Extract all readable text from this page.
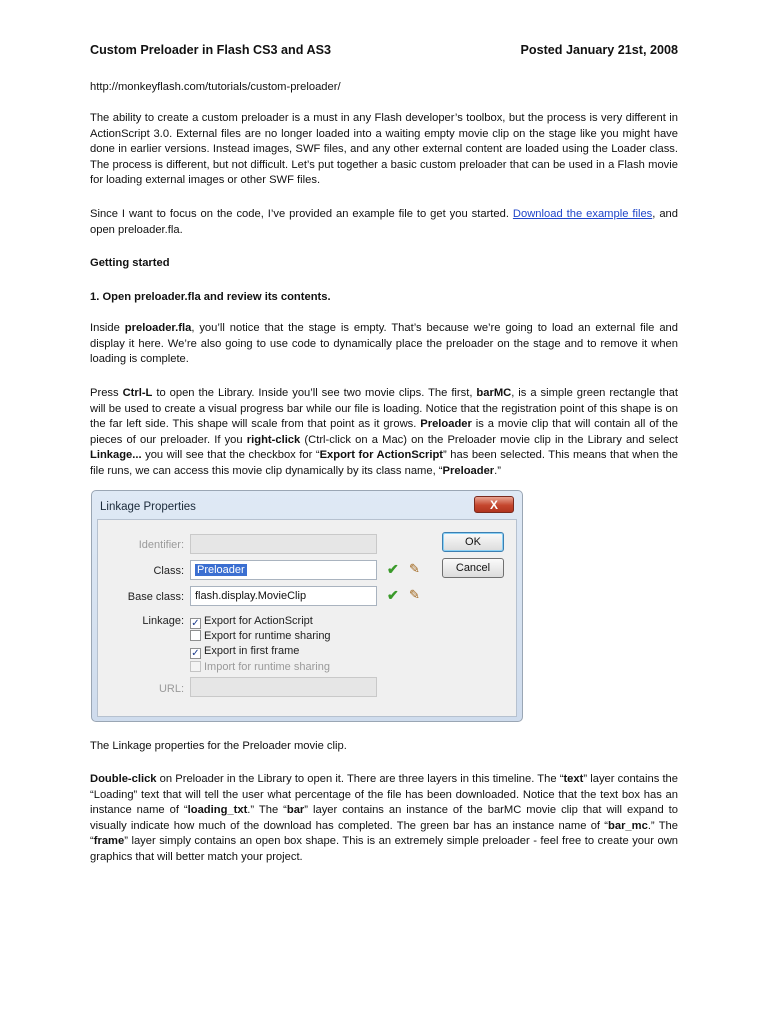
Custom Preloader in Flash CS3 and AS3	Posted January 21st, 2008

http://monkeyflash.com/tutorials/custom-preloader/

The ability to create a custom preloader is a must in any Flash developer’s toolbox, but the process is very different in ActionScript 3.0. External files are no longer loaded into a waiting empty movie clip on the stage like you might have done in earlier versions. Instead images, SWF files, and any other external content are loaded using the Loader class. The process is different, but not difficult. Let’s put together a basic custom preloader that can be used in a Flash movie for loading external images or other SWF files.

Since I want to focus on the code, I’ve provided an example file to get you started. Download the example files, and open preloader.fla.

Getting started

1. Open preloader.fla and review its contents.

Inside preloader.fla, you’ll notice that the stage is empty. That’s because we’re going to load an external file and display it here. We’re also going to use code to dynamically place the preloader on the stage and to remove it when loading is complete.

Press Ctrl-L to open the Library. Inside you’ll see two movie clips. The first, barMC, is a simple green rectangle that will be used to create a visual progress bar while our file is loading. Notice that the registration point of this shape is on the far left side. This shape will scale from that point as it grows. Preloader is a movie clip that will contain all of the pieces of our preloader. If you right-click (Ctrl-click on a Mac) on the Preloader movie clip in the Library and select Linkage... you will see that the checkbox for “Export for ActionScript” has been selected. This means that when the file runs, we can access this movie clip dynamically by its class name, “Preloader.”

The Linkage properties for the Preloader movie clip.

Double-click on Preloader in the Library to open it. There are three layers in this timeline. The “text” layer contains the “Loading” text that will tell the user what percentage of the file has been downloaded. Notice that the text box has an instance name of “loading_txt.” The “bar” layer contains an instance of the barMC movie clip that will expand to visually indicate how much of the download has completed. The green bar has an instance name of “bar_mc.” The “frame” layer simply contains an open box shape. This is an extremely simple preloader - feel free to create your own graphics that will better match your project.

Linkage Properties	X
Identifier:
Class:	Preloader	✔ ✎
Base class:	flash.display.MovieClip	✔ ✎
Linkage: ✓ Export for ActionScript
Export for runtime sharing
✓ Export in first frame
Import for runtime sharing
URL:
OK
Cancel
